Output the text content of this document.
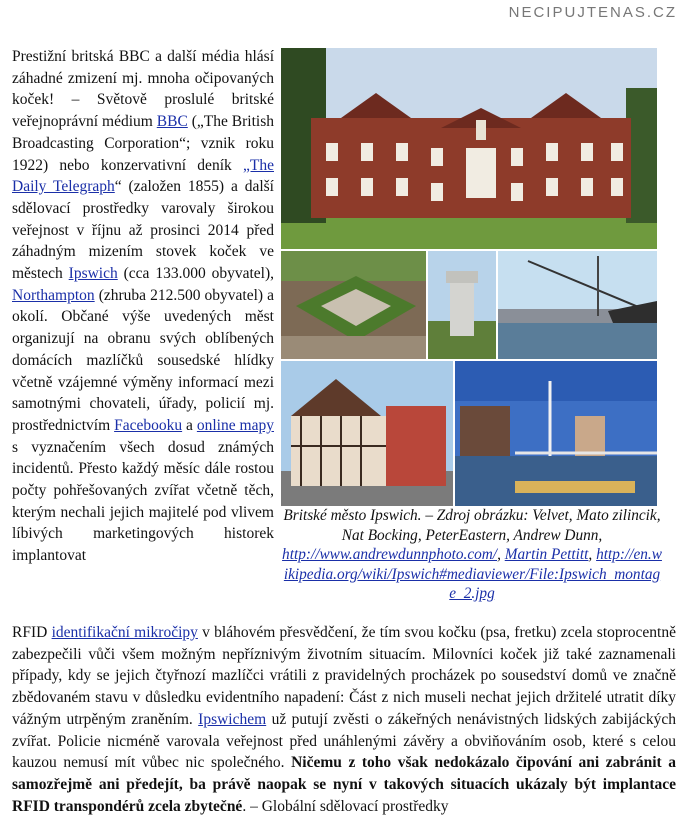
NECIPUJTENAS.CZ
Prestižní britská BBC a další média hlásí záhadné zmizení mj. mnoha očipovaných koček! – Světově proslulé britské veřejnoprávní médium BBC („The British Broadcasting Corporation“; vznik roku 1922) nebo konzervativní deník „The Daily Telegraph“ (založen 1855) a další sdělovací prostředky varovaly širokou veřejnost v říjnu až prosinci 2014 před záhadným mizením stovek koček ve městech Ipswich (cca 133.000 obyvatel), Northampton (zhruba 212.500 obyvatel) a okolí. Občané výše uvedených měst organizují na obranu svých oblíbených domácích mazlíčků sousedské hlídky včetně vzájemné výměny informací mezi samotnými chovateli, úřady, policií mj. prostřednictvím Facebooku a online mapy s vyznačením všech dosud známých incidentů. Přesto každý měsíc dále rostou počty pohřešovaných zvířat včetně těch, kterým nechali jejich majitelé pod vlivem líbivých marketingových historek implantovat
Britské město Ipswich. – Zdroj obrázku: Velvet, Mato zilincik, Nat Bocking, PeterEastern, Andrew Dunn, http://www.andrewdunnphoto.com/, Martin Pettitt, http://en.wikipedia.org/wiki/Ipswich#mediaviewer/File:Ipswich_montage_2.jpg
RFID identifikační mikročipy v bláhovém přesvědčení, že tím svou kočku (psa, fretku) zcela stoprocentně zabezpečili vůči všem možným nepříznivým životním situacím. Milovníci koček již také zaznamenali případy, kdy se jejich čtyřnozí mazlíčci vrátili z pravidelných procházek po sousedství domů ve značně zbědovaném stavu v důsledku evidentního napadení: Část z nich museli nechat jejich držitelé utratit díky vážným utrpěným zraněním. Ipswichem už putují zvěsti o zákeřných nenávistných lidských zabijáckých zvířat. Policie nicméně varovala veřejnost před unáhlenými závěry a obviňováním osob, které s celou kauzou nemusí mít vůbec nic společného. Ničemu z toho však nedokázalo čipování ani zabránit a samozřejmě ani předejít, ba právě naopak se nyní v takových situacích ukázaly být implantace RFID transpondérů zcela zbytečné. – Globální sdělovací prostředky
